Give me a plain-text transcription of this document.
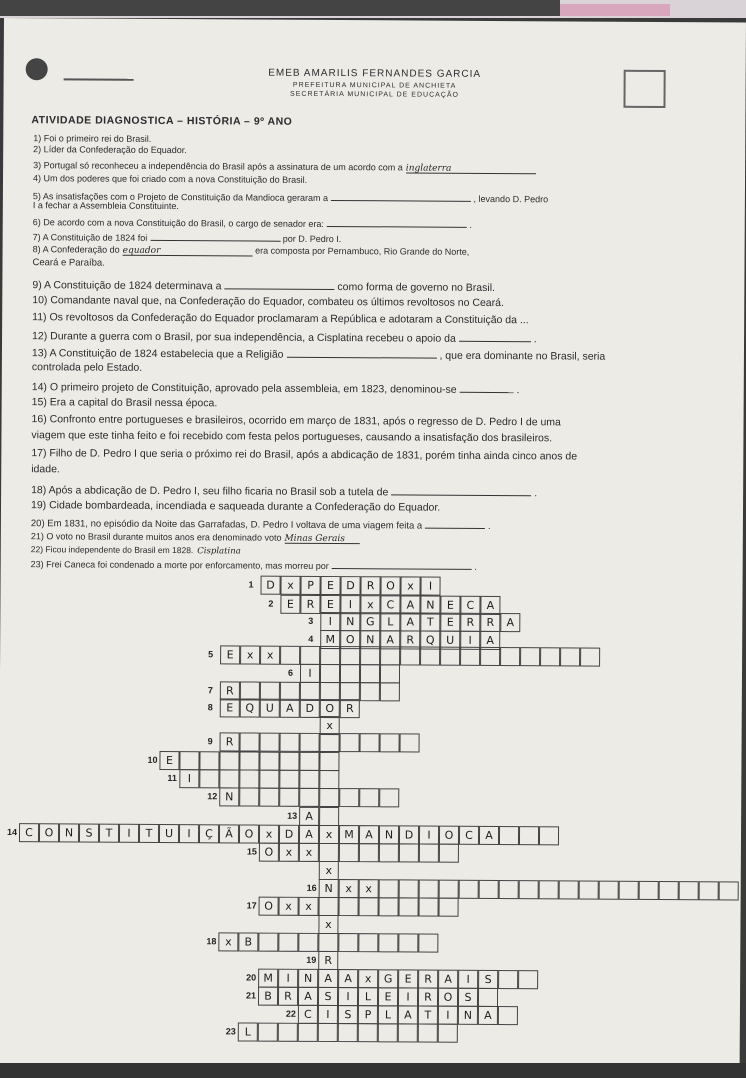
EMEB AMARILIS FERNANDES GARCIA
PREFEITURA MUNICIPAL DE ANCHIETA
SECRETÁRIA MUNICIPAL DE EDUCAÇÃO
ATIVIDADE DIAGNOSTICA – HISTÓRIA – 9º ANO
1) Foi o primeiro rei do Brasil.
2) Líder da Confederação do Equador.
3) Portugal só reconheceu a independência do Brasil após a assinatura de um acordo com a inglaterra
4) Um dos poderes que foi criado com a nova Constituição do Brasil.
5) As insatisfações com o Projeto de Constituição da Mandioca geraram a	, levando D. Pedro
I a fechar a Assembleia Constituinte.
6) De acordo com a nova Constituição do Brasil, o cargo de senador era:	.
7) A Constituição de 1824 foi	por D. Pedro I.
8) A Confederação do equador	era composta por Pernambuco, Rio Grande do Norte,
Ceará e Paraíba.
9) A Constituição de 1824 determinava a	como forma de governo no Brasil.
10) Comandante naval que, na Confederação do Equador, combateu os últimos revoltosos no Ceará.
11) Os revoltosos da Confederação do Equador proclamaram a República e adotaram a Constituição da ...
12) Durante a guerra com o Brasil, por sua independência, a Cisplatina recebeu o apoio da	.
13) A Constituição de 1824 estabelecia que a Religião	, que era dominante no Brasil, seria
controlada pelo Estado.
14) O primeiro projeto de Constituição, aprovado pela assembleia, em 1823, denominou-se	.
15) Era a capital do Brasil nessa época.
16) Confronto entre portugueses e brasileiros, ocorrido em março de 1831, após o regresso de D. Pedro I de uma
viagem que este tinha feito e foi recebido com festa pelos portugueses, causando a insatisfação dos brasileiros.
17) Filho de D. Pedro I que seria o próximo rei do Brasil, após a abdicação de 1831, porém tinha ainda cinco anos de
idade.
18) Após a abdicação de D. Pedro I, seu filho ficaria no Brasil sob a tutela de	.
19) Cidade bombardeada, incendiada e saqueada durante a Confederação do Equador.
20) Em 1831, no episódio da Noite das Garrafadas, D. Pedro I voltava de uma viagem feita a	.
21) O voto no Brasil durante muitos anos era denominado voto Minas Gerais
22) Ficou independente do Brasil em 1828. Cisplatina
23) Frei Caneca foi condenado a morte por enforcamento, mas morreu por	.
D x P E D R O x I
1
E R E I x C A N E C A
2
I N G L A T E R R A
3
M O N A R Q U I A
4
E x x
5
I
6
R
7
E Q U A D O R
8
x
R
9
E
10
I
11
N
12
A
13
C O N S T I T U I Ç Ã O x D A x M A N D I O C A
14
O x x
15
x
N x x
16
O x x
17
x
x B
18
R
19
M I N A A x G E R A I S
20
B R A S I L E I R O S
21
C I S P L A T I N A
22
L
23
